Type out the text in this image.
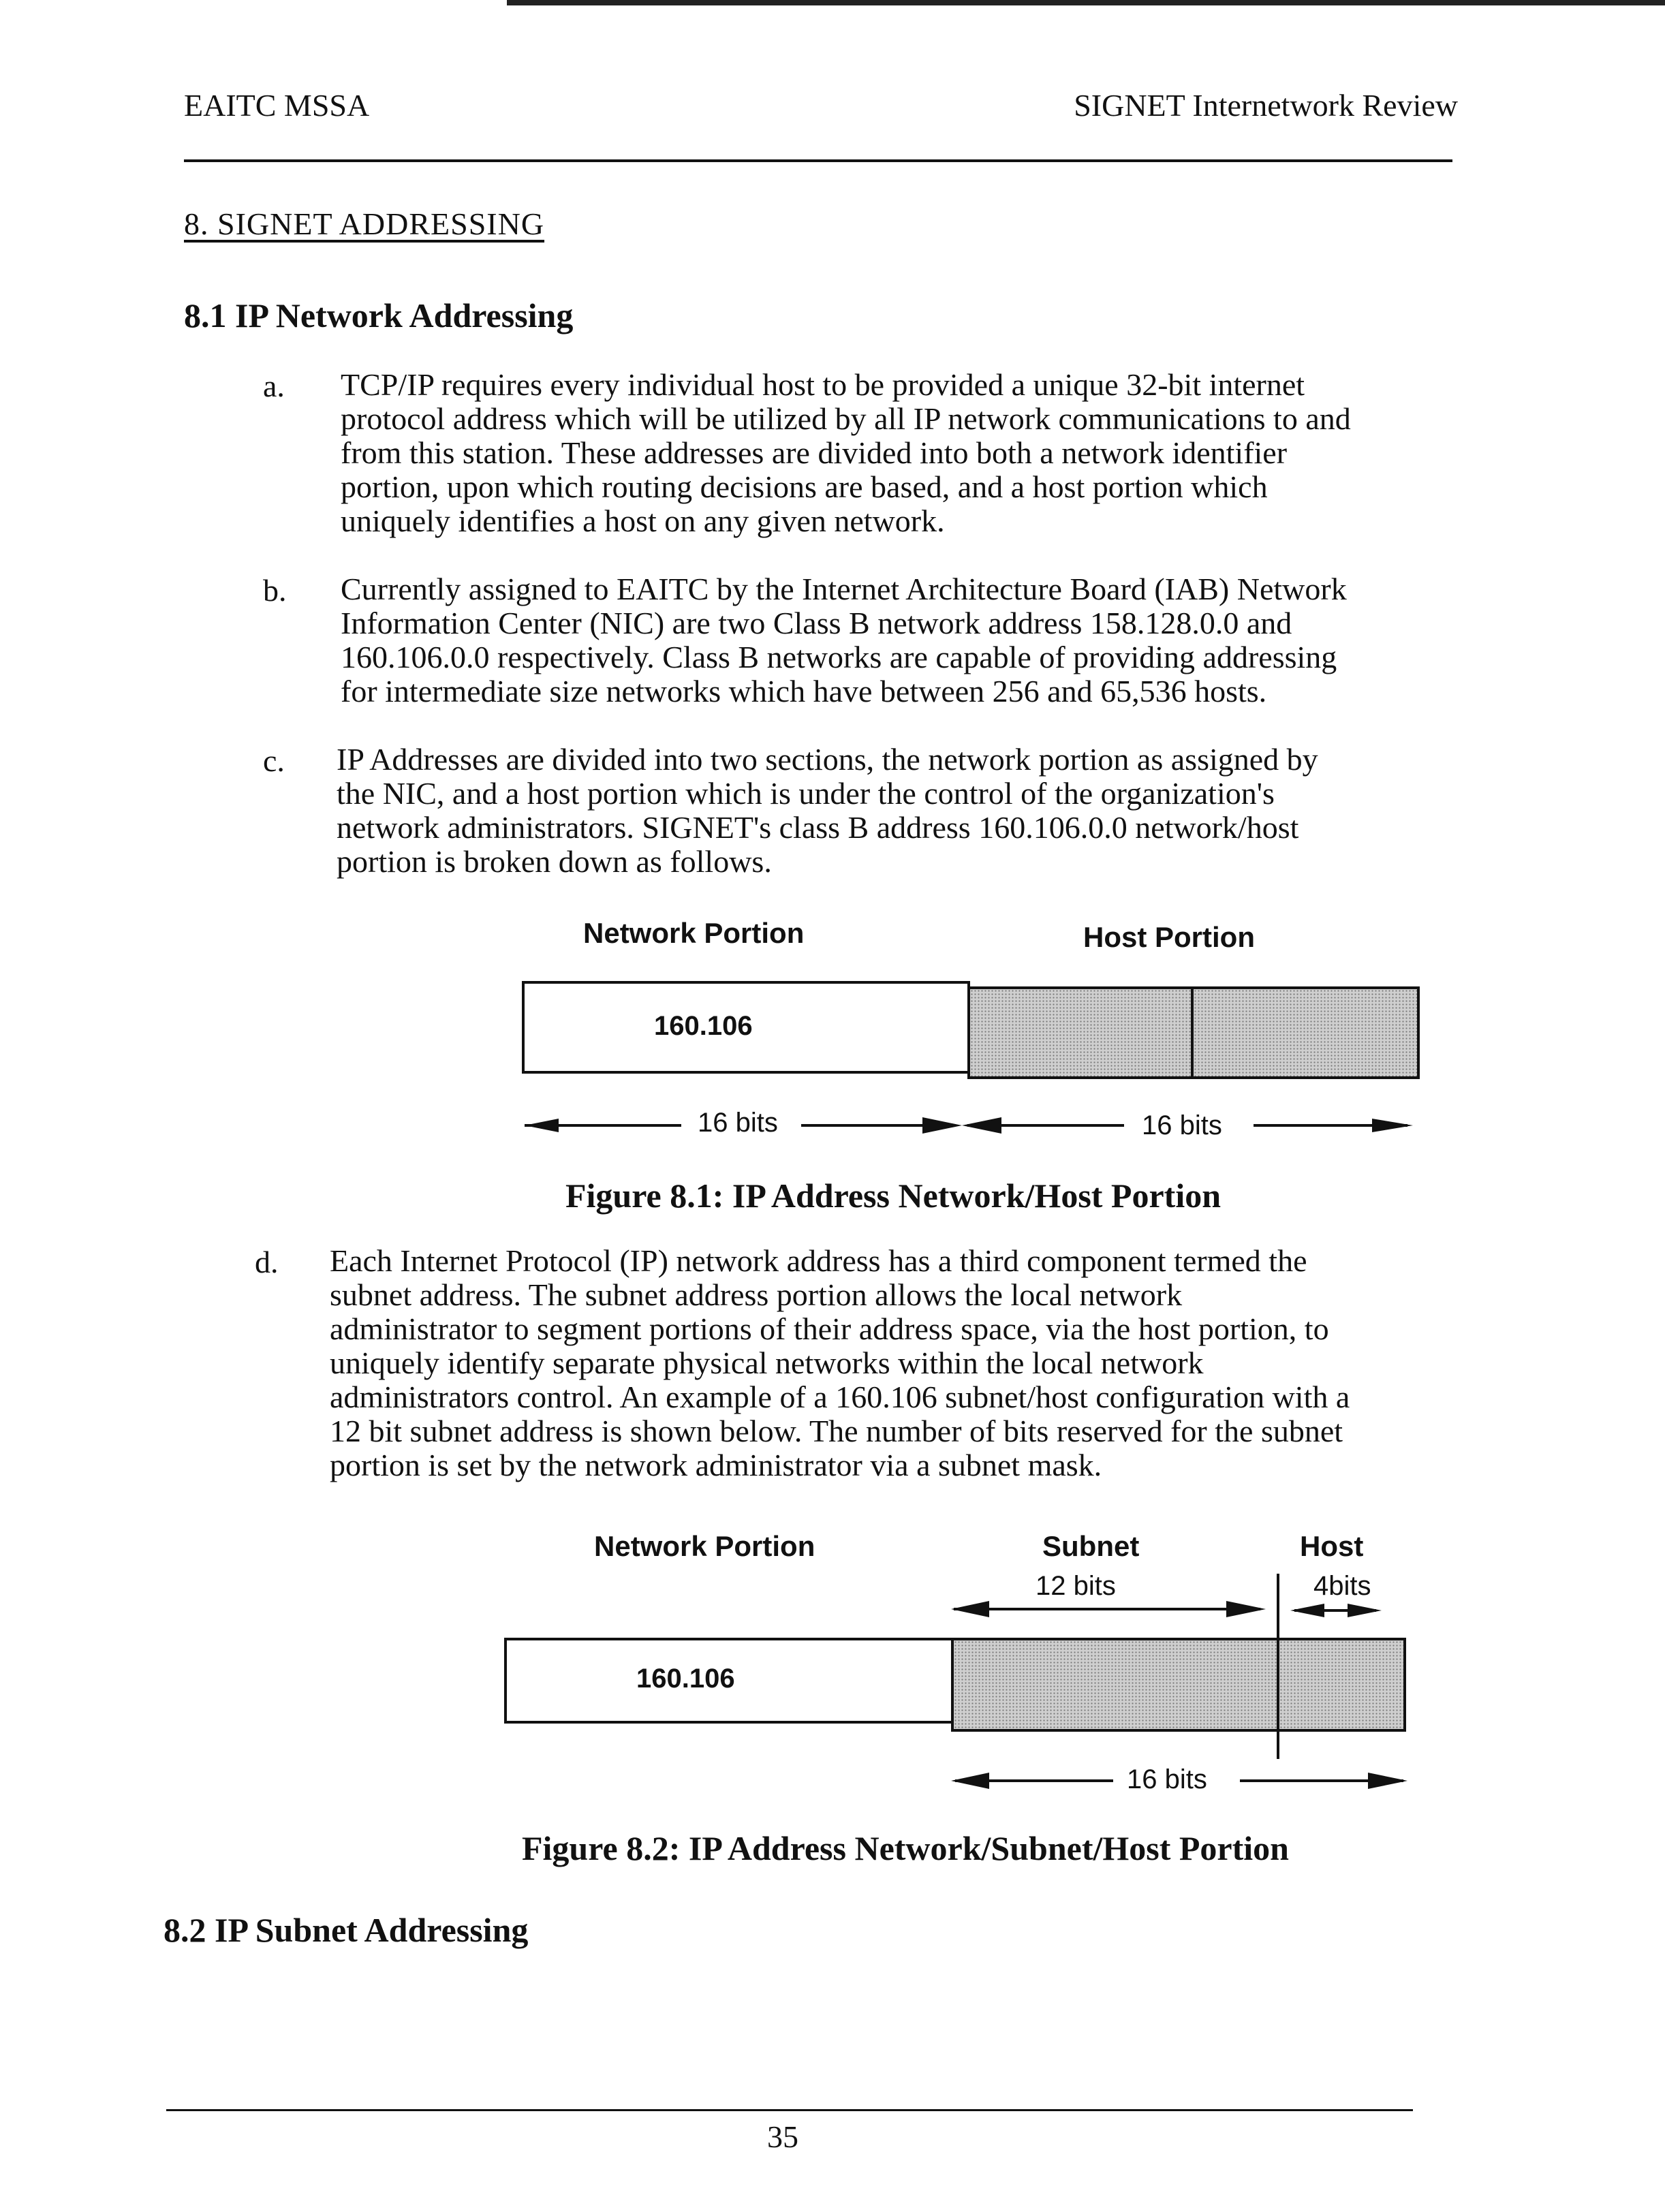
EAITC MSSA	SIGNET Internetwork Review
8. SIGNET ADDRESSING
8.1 IP Network Addressing
a. TCP/IP requires every individual host to be provided a unique 32-bit internet
protocol address which will be utilized by all IP network communications to and
from this station. These addresses are divided into both a network identifier
portion, upon which routing decisions are based, and a host portion which
uniquely identifies a host on any given network.
b. Currently assigned to EAITC by the Internet Architecture Board (IAB) Network
Information Center (NIC) are two Class B network address 158.128.0.0 and
160.106.0.0 respectively. Class B networks are capable of providing addressing
for intermediate size networks which have between 256 and 65,536 hosts.
c. IP Addresses are divided into two sections, the network portion as assigned by
the NIC, and a host portion which is under the control of the organization's
network administrators. SIGNET's class B address 160.106.0.0 network/host
portion is broken down as follows.
Network Portion	Host Portion
160.106
16 bits	16 bits
Figure 8.1: IP Address Network/Host Portion
d. Each Internet Protocol (IP) network address has a third component termed the
subnet address. The subnet address portion allows the local network
administrator to segment portions of their address space, via the host portion, to
uniquely identify separate physical networks within the local network
administrators control. An example of a 160.106 subnet/host configuration with a
12 bit subnet address is shown below. The number of bits reserved for the subnet
portion is set by the network administrator via a subnet mask.
Network Portion	Subnet	Host
12 bits	4bits
160.106
16 bits
Figure 8.2: IP Address Network/Subnet/Host Portion
8.2 IP Subnet Addressing
35
